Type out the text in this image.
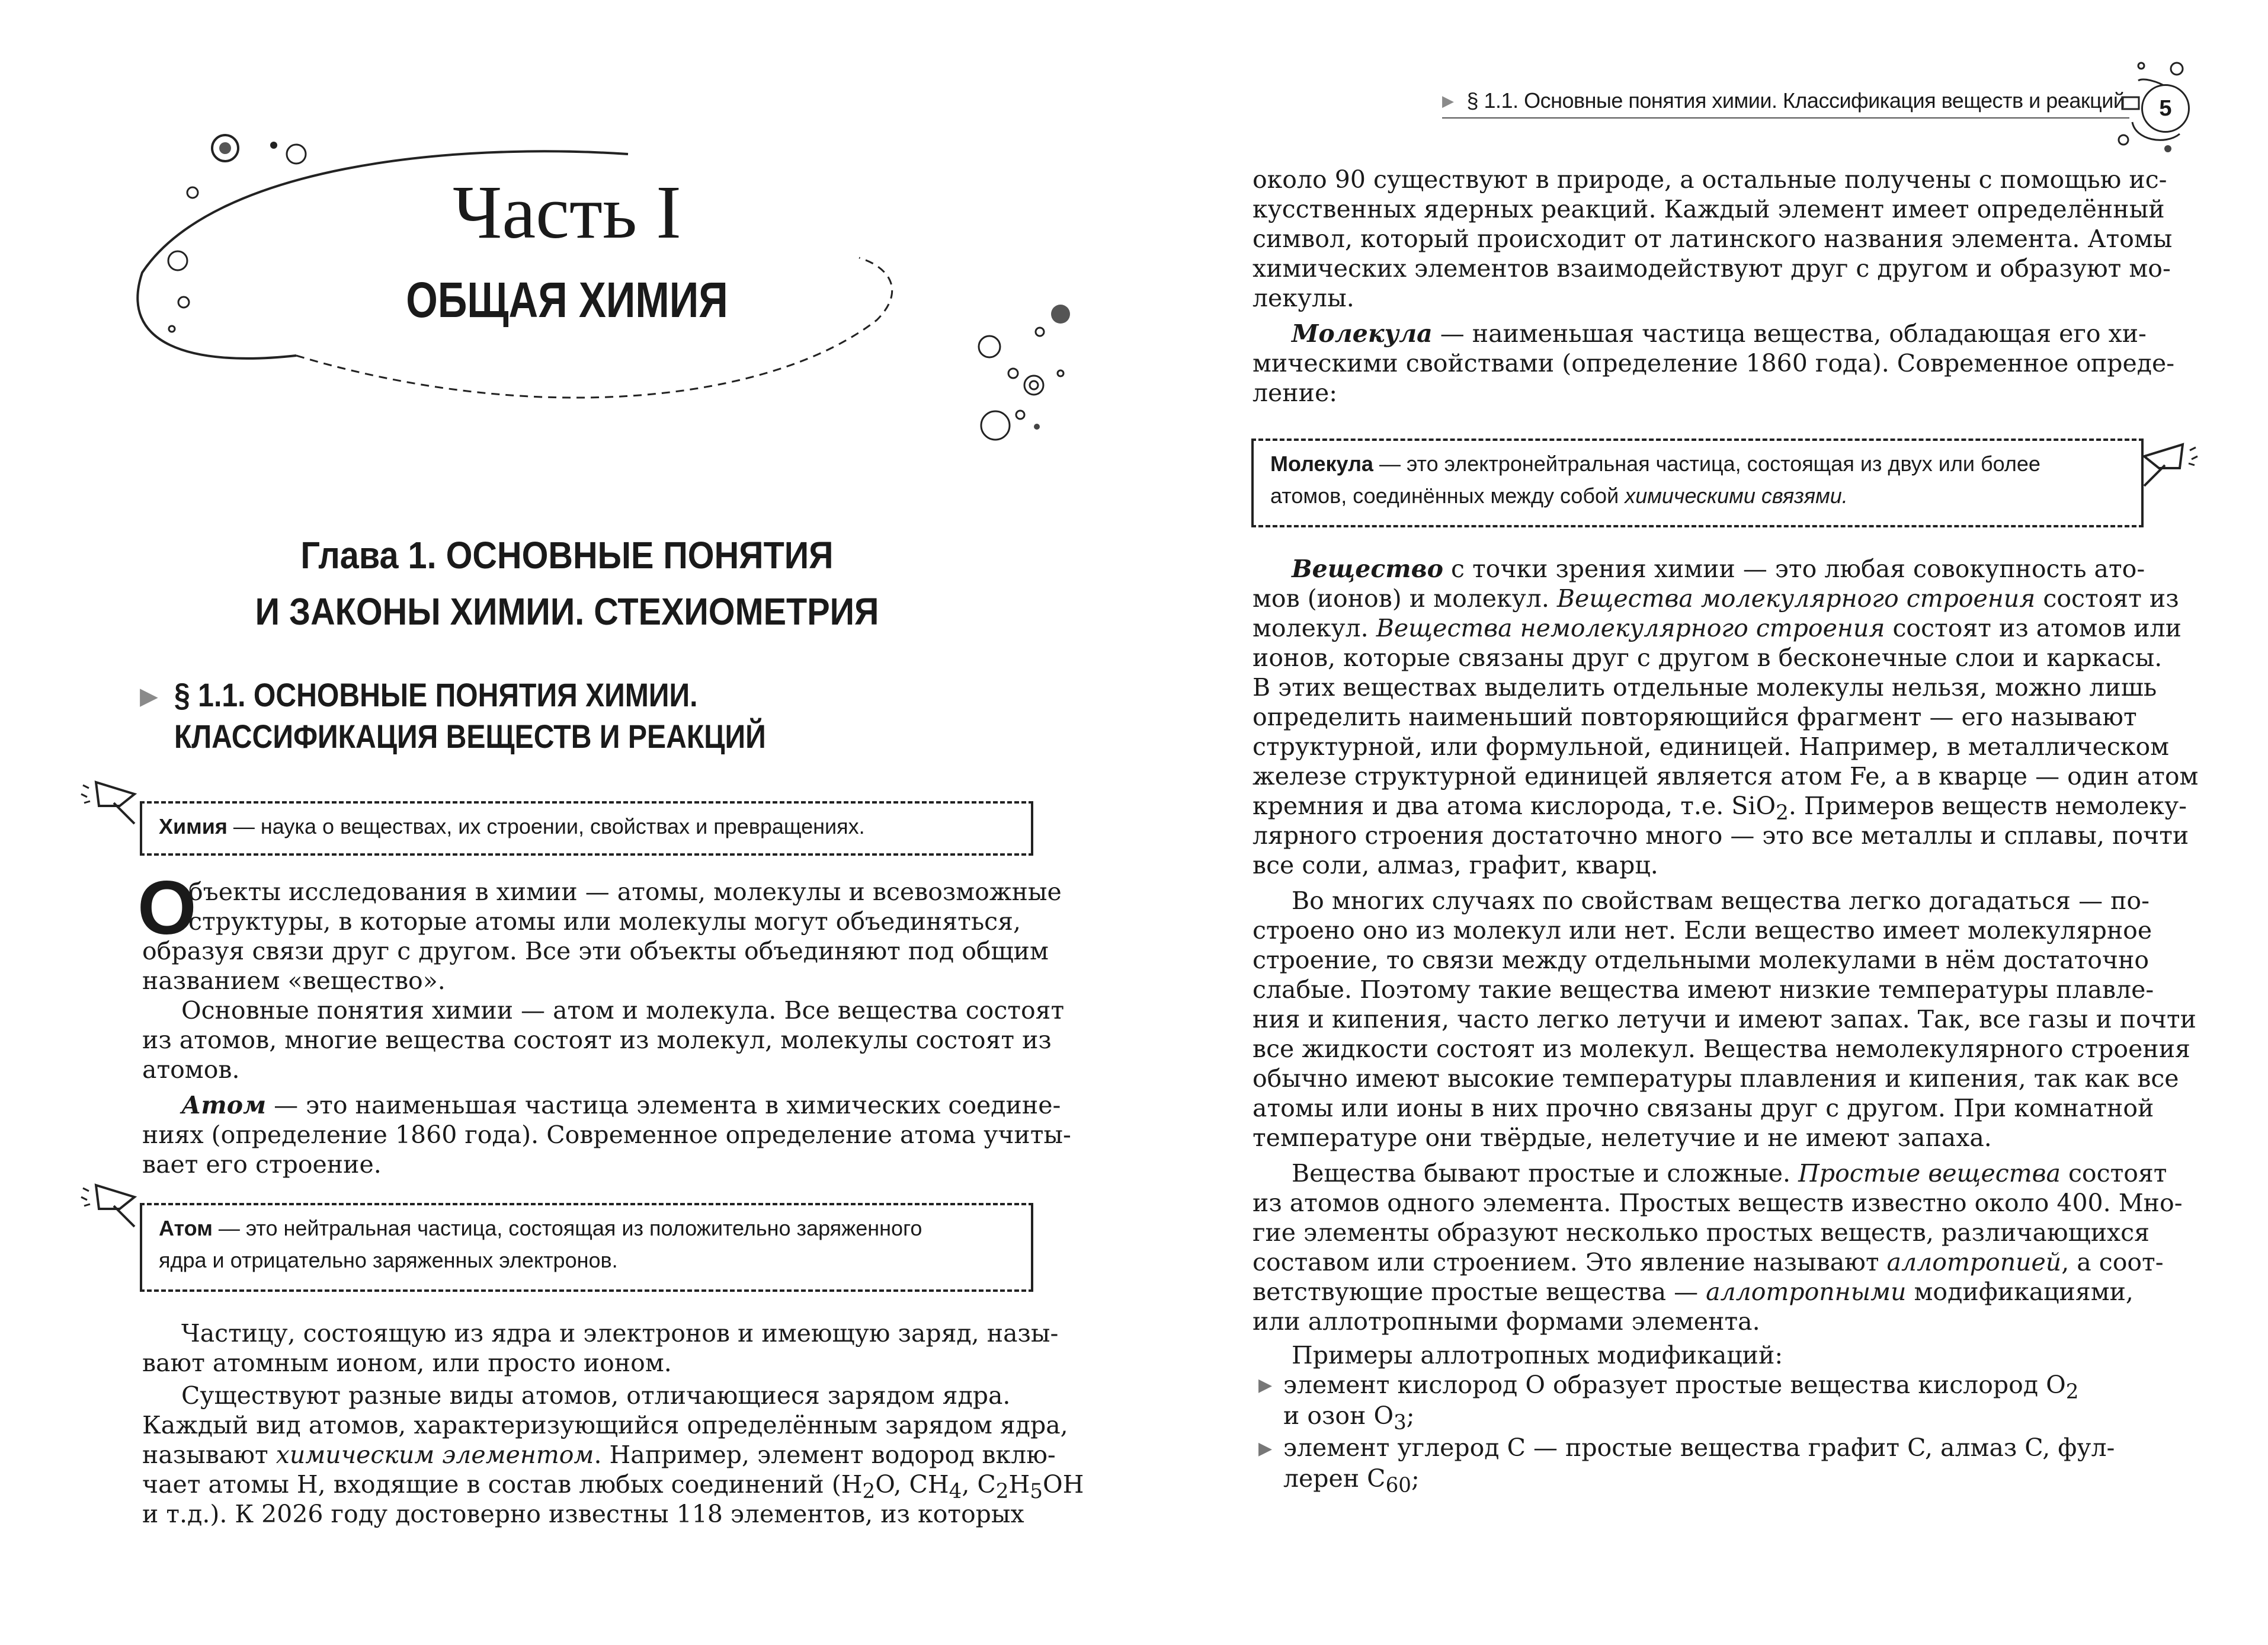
Часть I
ОБЩАЯ ХИМИЯ
Глава 1. ОСНОВНЫЕ ПОНЯТИЯ
И ЗАКОНЫ ХИМИИ. СТЕХИОМЕТРИЯ
▶ § 1.1. ОСНОВНЫЕ ПОНЯТИЯ ХИМИИ.
КЛАССИФИКАЦИЯ ВЕЩЕСТВ И РЕАКЦИЙ
Химия — наука о веществах, их строении, свойствах и превращениях.
О
бъекты исследования в химии — атомы, молекулы и всевозможные
структуры, в которые атомы или молекулы могут объединяться,
образуя связи друг с другом. Все эти объекты объединяют под общим
названием «вещество».
Основные понятия химии — атом и молекула. Все вещества состоят
из атомов, многие вещества состоят из молекул, молекулы состоят из
атомов.
Атом — это наименьшая частица элемента в химических соедине-
ниях (определение 1860 года). Современное определение атома учиты-
вает его строение.
Атом — это нейтральная частица, состоящая из положительно заряженного
ядра и отрицательно заряженных электронов.
Частицу, состоящую из ядра и электронов и имеющую заряд, назы-
вают атомным ионом, или просто ионом.
Существуют разные виды атомов, отличающиеся зарядом ядра.
Каждый вид атомов, характеризующийся определённым зарядом ядра,
называют химическим элементом. Например, элемент водород вклю-
чает атомы H, входящие в состав любых соединений ($H_2O$, $CH_4$, $C_2H_5OH$
и т.д.). К 2026 году достоверно известны 118 элементов, из которых
▶ § 1.1. Основные понятия химии. Классификация веществ и реакций	5
около 90 существуют в природе, а остальные получены с помощью ис-
кусственных ядерных реакций. Каждый элемент имеет определённый
символ, который происходит от латинского названия элемента. Атомы
химических элементов взаимодействуют друг с другом и образуют мо-
лекулы.
Молекула — наименьшая частица вещества, обладающая его хи-
мическими свойствами (определение 1860 года). Современное опреде-
ление:
Молекула — это электронейтральная частица, состоящая из двух или более
атомов, соединённых между собой химическими связями.
Вещество с точки зрения химии — это любая совокупность ато-
мов (ионов) и молекул. Вещества молекулярного строения состоят из
молекул. Вещества немолекулярного строения состоят из атомов или
ионов, которые связаны друг с другом в бесконечные слои и каркасы.
В этих веществах выделить отдельные молекулы нельзя, можно лишь
определить наименьший повторяющийся фрагмент — его называют
структурной, или формульной, единицей. Например, в металлическом
железе структурной единицей является атом Fe, а в кварце — один атом
кремния и два атома кислорода, т.е. SiO$_2$. Примеров веществ немолеку-
лярного строения достаточно много — это все металлы и сплавы, почти
все соли, алмаз, графит, кварц.
Во многих случаях по свойствам вещества легко догадаться — по-
строено оно из молекул или нет. Если вещество имеет молекулярное
строение, то связи между отдельными молекулами в нём достаточно
слабые. Поэтому такие вещества имеют низкие температуры плавле-
ния и кипения, часто легко летучи и имеют запах. Так, все газы и почти
все жидкости состоят из молекул. Вещества немолекулярного строения
обычно имеют высокие температуры плавления и кипения, так как все
атомы или ионы в них прочно связаны друг с другом. При комнатной
температуре они твёрдые, нелетучие и не имеют запаха.
Вещества бывают простые и сложные. Простые вещества состоят
из атомов одного элемента. Простых веществ известно около 400. Мно-
гие элементы образуют несколько простых веществ, различающихся
составом или строением. Это явление называют аллотропией, а соот-
ветствующие простые вещества — аллотропными модификациями,
или аллотропными формами элемента.
Примеры аллотропных модификаций:
▶ элемент кислород O образует простые вещества кислород $O_2$
и озон $O_3$;
▶ элемент углерод C — простые вещества графит C, алмаз C, фул-
лерен $C_{60}$;
